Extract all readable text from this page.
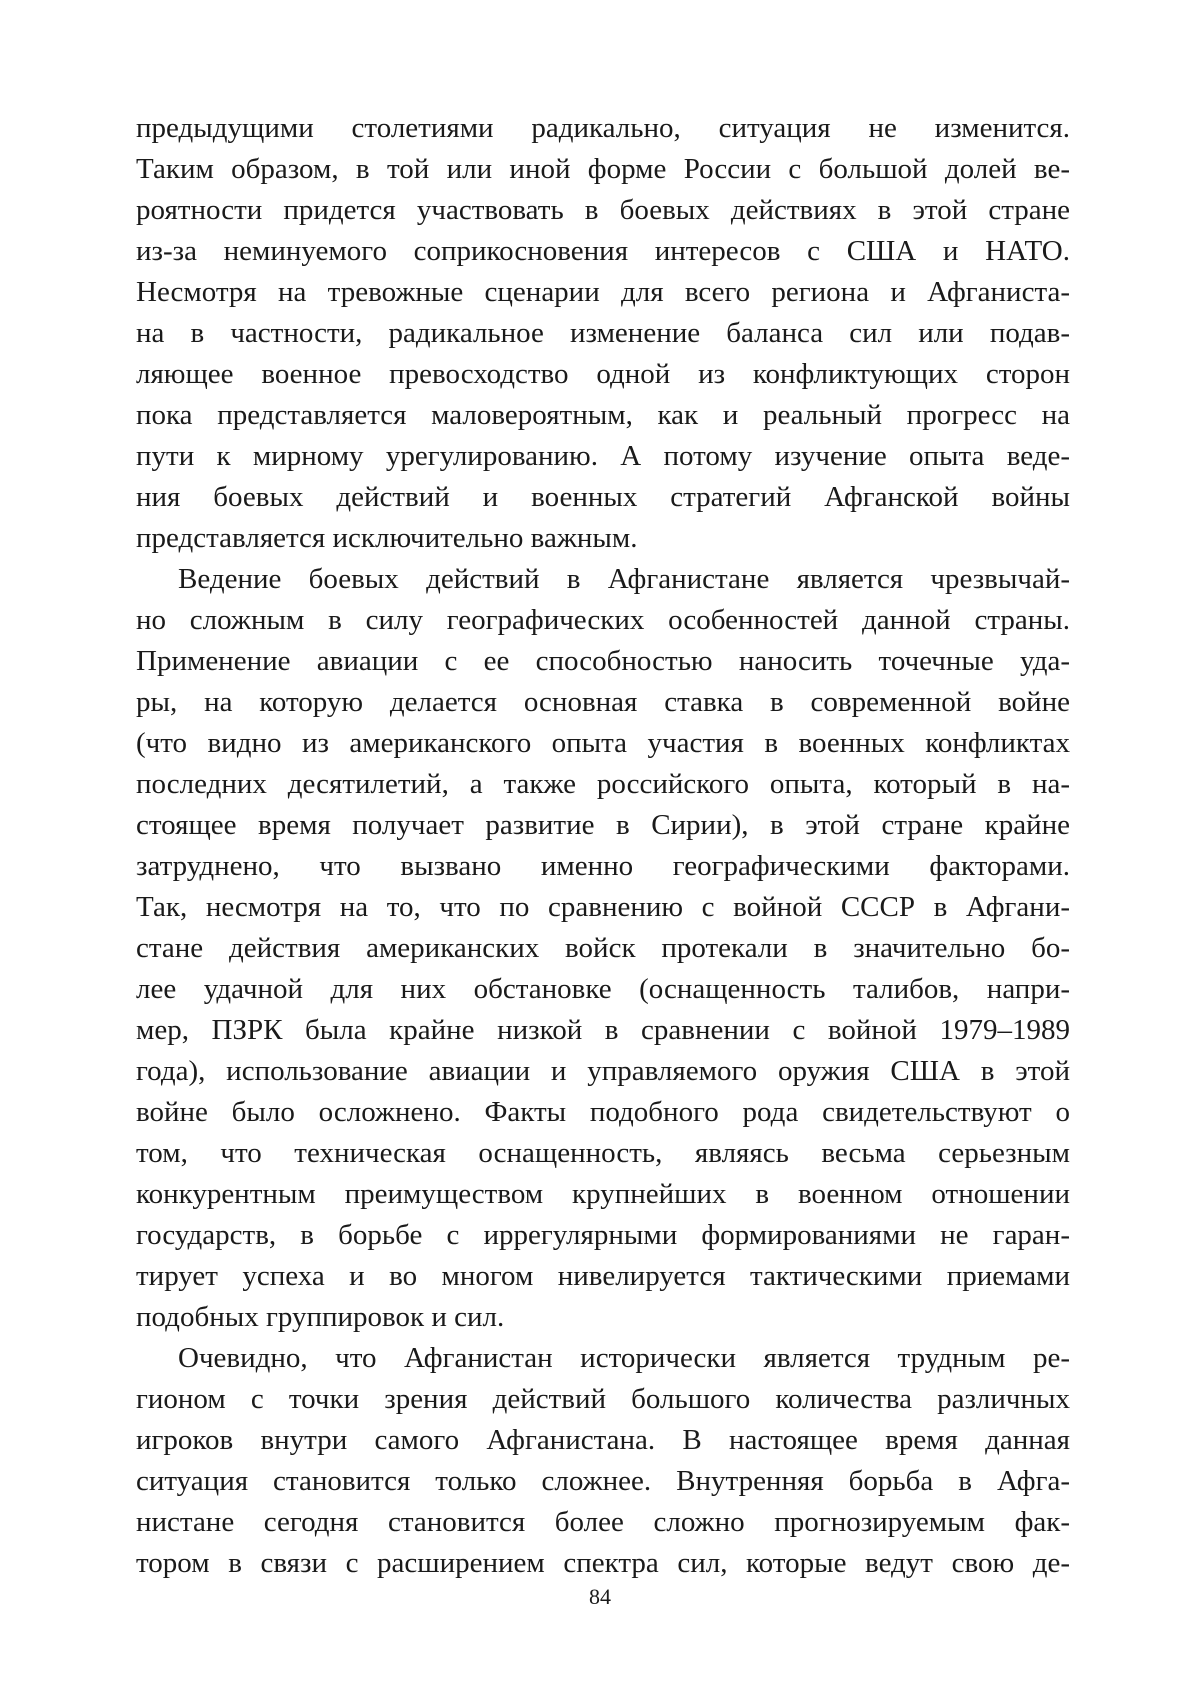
предыдущими столетиями радикально, ситуация не изменится.
Таким образом, в той или иной форме России с большой долей ве-
роятности придется участвовать в боевых действиях в этой стране
из-за неминуемого соприкосновения интересов с США и НАТО.
Несмотря на тревожные сценарии для всего региона и Афганиста-
на в частности, радикальное изменение баланса сил или подав-
ляющее военное превосходство одной из конфликтующих сторон
пока представляется маловероятным, как и реальный прогресс на
пути к мирному урегулированию. А потому изучение опыта веде-
ния боевых действий и военных стратегий Афганской войны
представляется исключительно важным.
Ведение боевых действий в Афганистане является чрезвычай-
но сложным в силу географических особенностей данной страны.
Применение авиации с ее способностью наносить точечные уда-
ры, на которую делается основная ставка в современной войне
(что видно из американского опыта участия в военных конфликтах
последних десятилетий, а также российского опыта, который в на-
стоящее время получает развитие в Сирии), в этой стране крайне
затруднено, что вызвано именно географическими факторами.
Так, несмотря на то, что по сравнению с войной СССР в Афгани-
стане действия американских войск протекали в значительно бо-
лее удачной для них обстановке (оснащенность талибов, напри-
мер, ПЗРК была крайне низкой в сравнении с войной 1979–1989
года), использование авиации и управляемого оружия США в этой
войне было осложнено. Факты подобного рода свидетельствуют о
том, что техническая оснащенность, являясь весьма серьезным
конкурентным преимуществом крупнейших в военном отношении
государств, в борьбе с иррегулярными формированиями не гаран-
тирует успеха и во многом нивелируется тактическими приемами
подобных группировок и сил.
Очевидно, что Афганистан исторически является трудным ре-
гионом с точки зрения действий большого количества различных
игроков внутри самого Афганистана. В настоящее время данная
ситуация становится только сложнее. Внутренняя борьба в Афга-
нистане сегодня становится более сложно прогнозируемым фак-
тором в связи с расширением спектра сил, которые ведут свою де-
84
